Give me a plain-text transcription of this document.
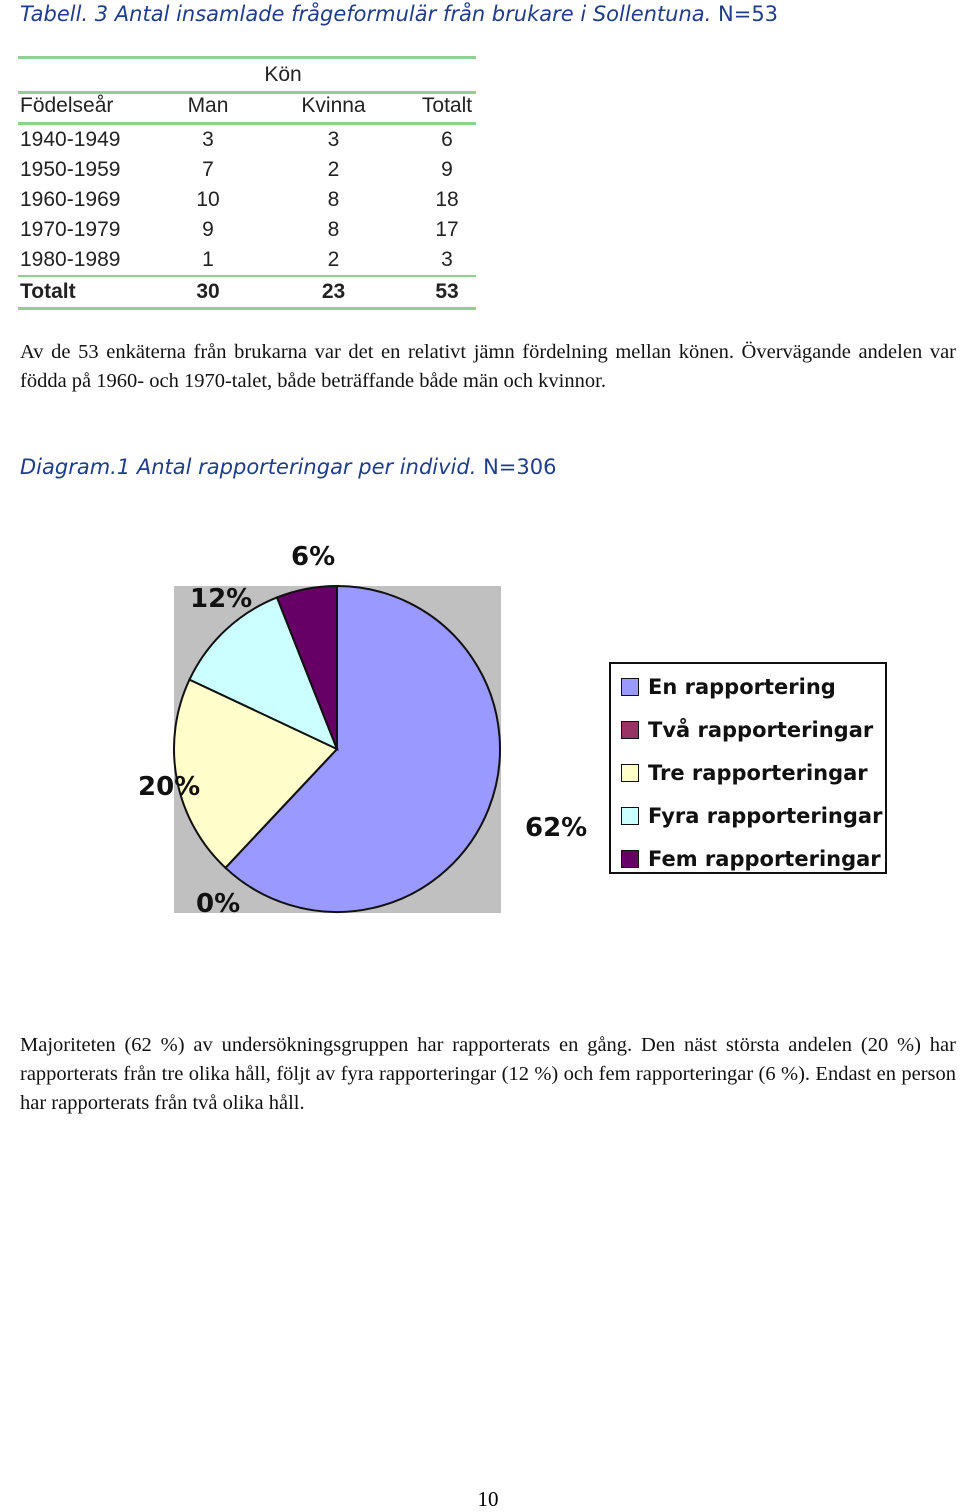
Tabell. 3 Antal insamlade frågeformulär från brukare i Sollentuna. N=53
Kön
Födelseår	Man	Kvinna	Totalt
1940-1949	3	3	6
1950-1959	7	2	9
1960-1969	10	8	18
1970-1979	9	8	17
1980-1989	1	2	3
Totalt	30	23	53
Av de 53 enkäterna från brukarna var det en relativt jämn fördelning mellan könen. Övervägande andelen var födda på 1960- och 1970-talet, både beträffande både män och kvinnor.
Diagram.1 Antal rapporteringar per individ. N=306
62%
0%
20%
12%
6%
En rapportering
Två rapporteringar
Tre rapporteringar
Fyra rapporteringar
Fem rapporteringar
Majoriteten (62 %) av undersökningsgruppen har rapporterats en gång. Den näst största andelen (20 %) har rapporterats från tre olika håll, följt av fyra rapporteringar (12 %) och fem rapporteringar (6 %). Endast en person har rapporterats från två olika håll.
10
